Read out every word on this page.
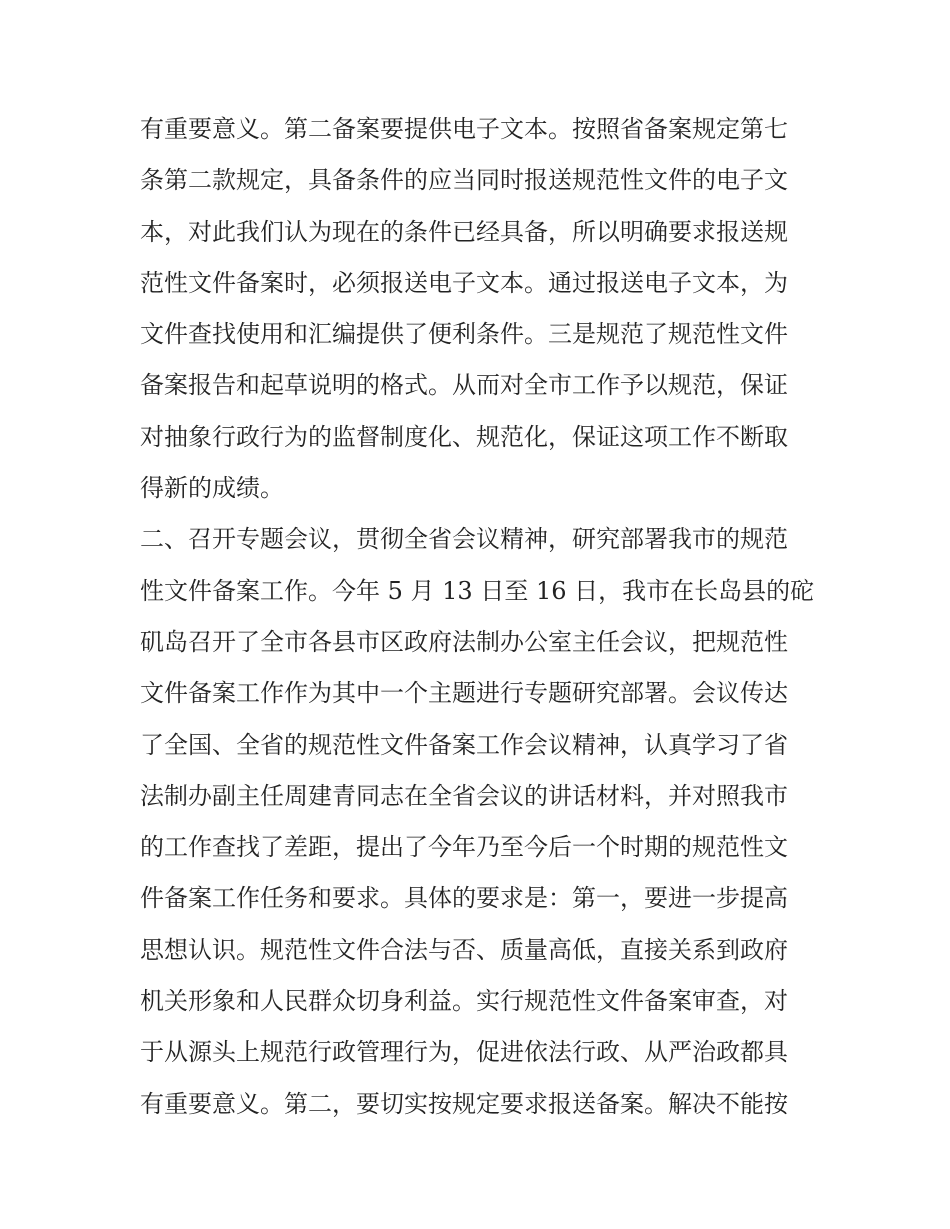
有重要意义。第二备案要提供电子文本。按照省备案规定第七
条第二款规定，具备条件的应当同时报送规范性文件的电子文
本，对此我们认为现在的条件已经具备，所以明确要求报送规
范性文件备案时，必须报送电子文本。通过报送电子文本，为
文件查找使用和汇编提供了便利条件。三是规范了规范性文件
备案报告和起草说明的格式。从而对全市工作予以规范，保证
对抽象行政行为的监督制度化、规范化，保证这项工作不断取
得新的成绩。
二、召开专题会议，贯彻全省会议精神，研究部署我市的规范
性文件备案工作。今年 5 月 13 日至 16 日，我市在长岛县的砣
矶岛召开了全市各县市区政府法制办公室主任会议，把规范性
文件备案工作作为其中一个主题进行专题研究部署。会议传达
了全国、全省的规范性文件备案工作会议精神，认真学习了省
法制办副主任周建青同志在全省会议的讲话材料，并对照我市
的工作查找了差距，提出了今年乃至今后一个时期的规范性文
件备案工作任务和要求。具体的要求是：第一，要进一步提高
思想认识。规范性文件合法与否、质量高低，直接关系到政府
机关形象和人民群众切身利益。实行规范性文件备案审查，对
于从源头上规范行政管理行为，促进依法行政、从严治政都具
有重要意义。第二，要切实按规定要求报送备案。解决不能按
